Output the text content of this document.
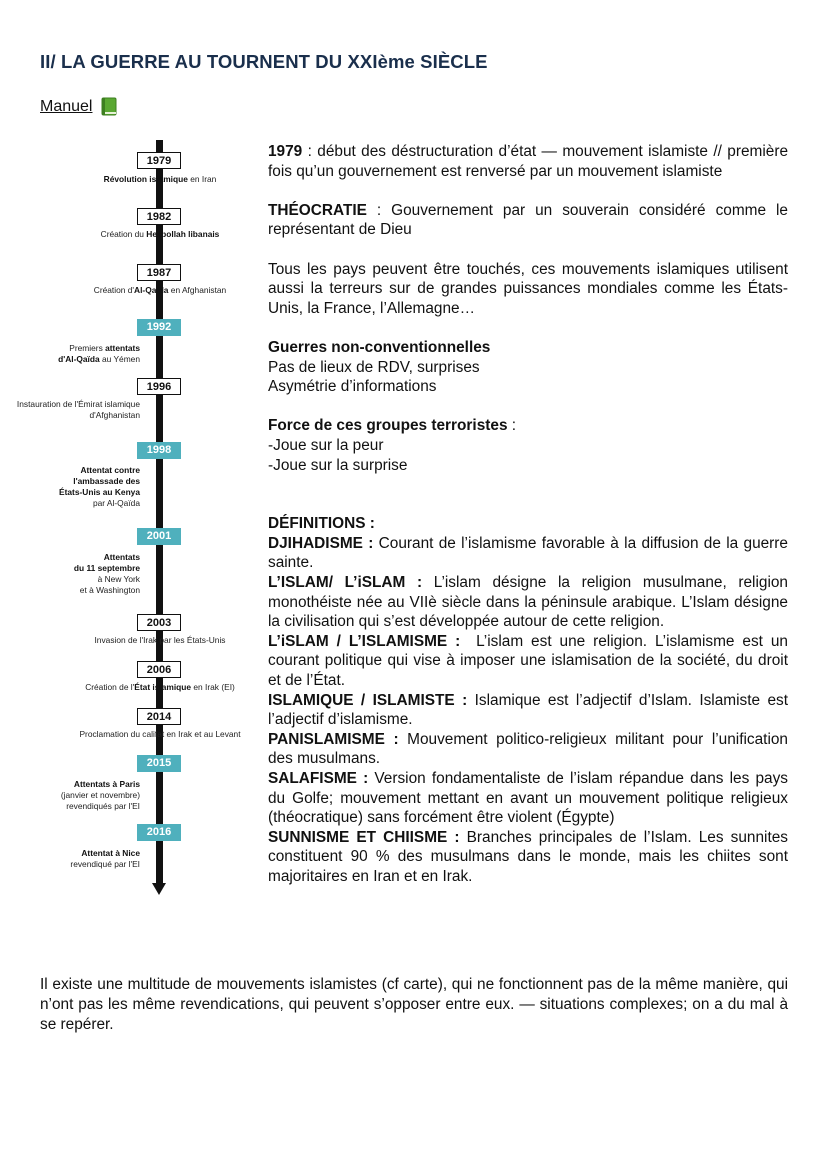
II/ LA GUERRE AU TOURNENT DU XXIème SIÈCLE
Manuel
1979
Révolution islamique en Iran
1982
Création du Hezbollah libanais
1987
Création d'Al-Qaïda en Afghanistan
1992
Premiers attentats
d'Al-Qaïda au Yémen
1996
Instauration de l'Émirat islamique
d'Afghanistan
1998
Attentat contre
l'ambassade des
États-Unis au Kenya
par Al-Qaïda
2001
Attentats
du 11 septembre
à New York
et à Washington
2003
Invasion de l'Irak par les États-Unis
2006
Création de l'État islamique en Irak (EI)
2014
Proclamation du califat en Irak et au Levant
2015
Attentats à Paris
(janvier et novembre)
revendiqués par l'EI
2016
Attentat à Nice
revendiqué par l'EI

1979 : début des déstructuration d’état — mouvement islamiste // première fois qu’un gouvernement est renversé par un mouvement islamiste

THÉOCRATIE : Gouvernement par un souverain considéré comme le représentant de Dieu

Tous les pays peuvent être touchés, ces mouvements islamiques utilisent aussi la terreurs sur de grandes puissances mondiales comme les États-Unis, la France, l’Allemagne…

Guerres non-conventionnelles
Pas de lieux de RDV, surprises
Asymétrie d’informations

Force de ces groupes terroristes :
-Joue sur la peur
-Joue sur la surprise

DÉFINITIONS :

DJIHADISME : Courant de l’islamisme favorable à la diffusion de la guerre sainte.

L’ISLAM/ L’iSLAM : L’islam désigne la religion musulmane, religion monothéiste née au VIIè siècle dans la péninsule arabique. L’Islam désigne la civilisation qui s’est développée autour de cette religion.

L’iSLAM / L’ISLAMISME :  L’islam est une religion. L’islamisme est un courant politique qui vise à imposer une islamisation de la société, du droit et de l’État.

ISLAMIQUE / ISLAMISTE : Islamique est l’adjectif d’Islam. Islamiste est l’adjectif d’islamisme.

PANISLAMISME : Mouvement politico-religieux militant pour l’unification des musulmans.

SALAFISME : Version fondamentaliste de l’islam répandue dans les pays du Golfe; mouvement mettant en avant un mouvement politique religieux (théocratique) sans forcément être violent (Égypte)

SUNNISME ET CHIISME : Branches principales de l’Islam. Les sunnites constituent 90 % des musulmans dans le monde, mais les chiites sont majoritaires en Iran et en Irak.

Il existe une multitude de mouvements islamistes (cf carte), qui ne fonctionnent pas de la même manière, qui n’ont pas les même revendications, qui peuvent s’opposer entre eux. — situations complexes; on a du mal à se repérer.
